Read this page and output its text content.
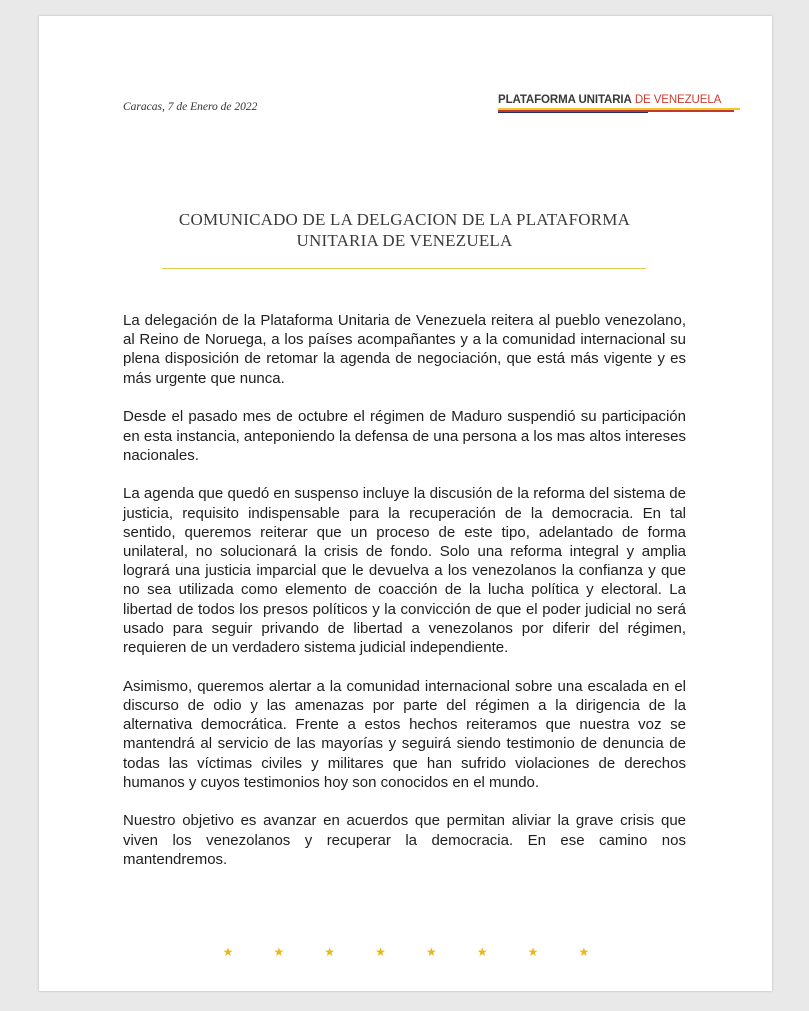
Caracas, 7 de Enero de 2022
PLATAFORMA UNITARIA DE VENEZUELA
COMUNICADO DE LA DELGACION DE LA PLATAFORMA
UNITARIA DE VENEZUELA

La delegación de la Plataforma Unitaria de Venezuela reitera al pueblo venezolano, al Reino de Noruega, a los países acompañantes y a la comunidad internacional su plena disposición de retomar la agenda de negociación, que está más vigente y es más urgente que nunca.

Desde el pasado mes de octubre el régimen de Maduro suspendió su participación en esta instancia, anteponiendo la defensa de una persona a los mas altos intereses nacionales.

La agenda que quedó en suspenso incluye la discusión de la reforma del sistema de justicia, requisito indispensable para la recuperación de la democracia. En tal sentido, queremos reiterar que un proceso de este tipo, adelantado de forma unilateral, no solucionará la crisis de fondo. Solo una reforma integral y amplia logrará una justicia imparcial que le devuelva a los venezolanos la confianza y que no sea utilizada como elemento de coacción de la lucha política y electoral. La libertad de todos los presos políticos y la convicción de que el poder judicial no será usado para seguir privando de libertad a venezolanos por diferir del régimen, requieren de un verdadero sistema judicial independiente.

Asimismo, queremos alertar a la comunidad internacional sobre una escalada en el discurso de odio y las amenazas por parte del régimen a la dirigencia de la alternativa democrática. Frente a estos hechos reiteramos que nuestra voz se mantendrá al servicio de las mayorías y seguirá siendo testimonio de denuncia de todas las víctimas civiles y militares que han sufrido violaciones de derechos humanos y cuyos testimonios hoy son conocidos en el mundo.

Nuestro objetivo es avanzar en acuerdos que permitan aliviar la grave crisis que viven los venezolanos y recuperar la democracia. En ese camino nos mantendremos.

★	★	★	★	★	★	★	★
